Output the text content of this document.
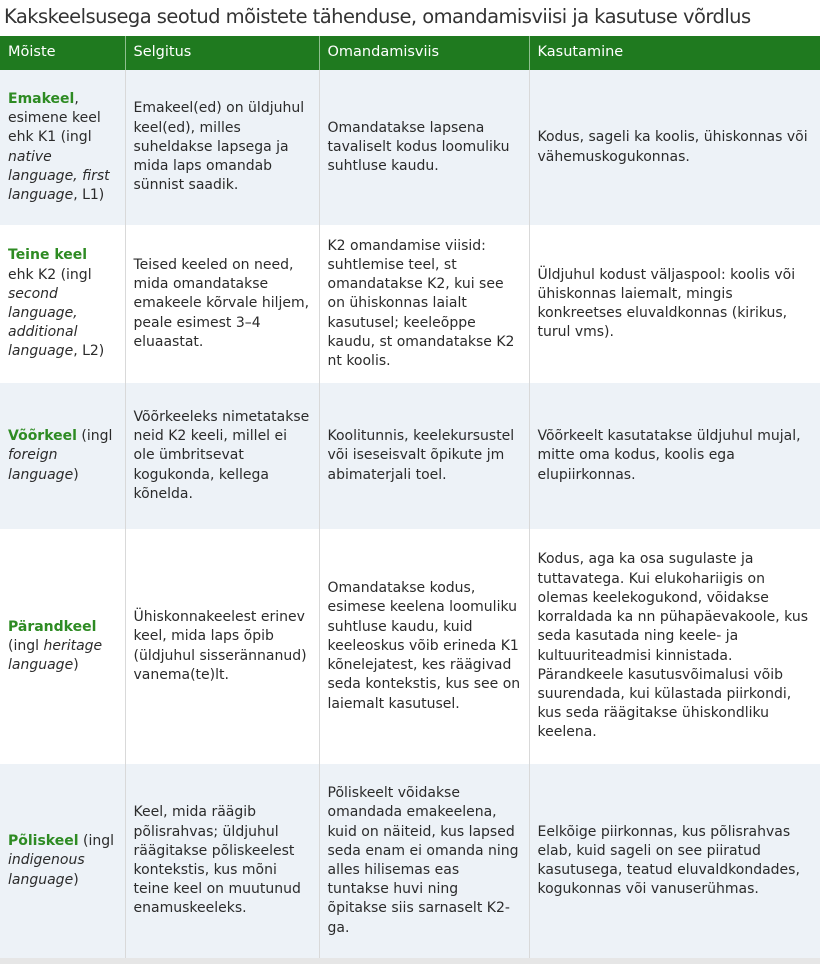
Kakskeelsusega seotud mõistete tähenduse, omandamisviisi ja kasutuse võrdlus
Mõiste	Selgitus	Omandamisviis	Kasutamine
Emakeel, esimene keel ehk K1 (ingl native language, first language, L1)	Emakeel(ed) on üldjuhul keel(ed), milles suheldakse lapsega ja mida laps omandab sünnist saadik.	Omandatakse lapsena tavaliselt kodus loomuliku suhtluse kaudu.	Kodus, sageli ka koolis, ühiskonnas või vähemuskogukonnas.
Teine keel ehk K2 (ingl second language, additional language, L2)	Teised keeled on need, mida omandatakse emakeele kõrvale hiljem, peale esimest 3–4 eluaastat.	K2 omandamise viisid: suhtlemise teel, st omandatakse K2, kui see on ühiskonnas laialt kasutusel; keeleõppe kaudu, st omandatakse K2 nt koolis.	Üldjuhul kodust väljaspool: koolis või ühiskonnas laiemalt, mingis konkreetses eluvaldkonnas (kirikus, turul vms).
Võõrkeel (ingl foreign language)	Võõrkeeleks nimetatakse neid K2 keeli, millel ei ole ümbritsevat kogukonda, kellega kõnelda.	Koolitunnis, keelekursustel või iseseisvalt õpikute jm abimaterjali toel.	Võõrkeelt kasutatakse üldjuhul mujal, mitte oma kodus, koolis ega elupiirkonnas.
Pärandkeel (ingl heritage language)	Ühiskonnakeelest erinev keel, mida laps õpib (üldjuhul sisserännanud) vanema(te)lt.	Omandatakse kodus, esimese keelena loomuliku suhtluse kaudu, kuid keeleoskus võib erineda K1 kõnelejatest, kes räägivad seda kontekstis, kus see on laiemalt kasutusel.	Kodus, aga ka osa sugulaste ja tuttavatega. Kui elukohariigis on olemas keelekogukond, võidakse korraldada ka nn pühapäevakoole, kus seda kasutada ning keele- ja kultuuriteadmisi kinnistada. Pärandkeele kasutusvõimalusi võib suurendada, kui külastada piirkondi, kus seda räägitakse ühiskondliku keelena.
Põliskeel (ingl indigenous language)	Keel, mida räägib põlisrahvas; üldjuhul räägitakse põliskeelest kontekstis, kus mõni teine keel on muutunud enamuskeeleks.	Põliskeelt võidakse omandada emakeelena, kuid on näiteid, kus lapsed seda enam ei omanda ning alles hilisemas eas tuntakse huvi ning õpitakse siis sarnaselt K2-ga.	Eelkõige piirkonnas, kus põlisrahvas elab, kuid sageli on see piiratud kasutusega, teatud eluvaldkondades, kogukonnas või vanuserühmas.
